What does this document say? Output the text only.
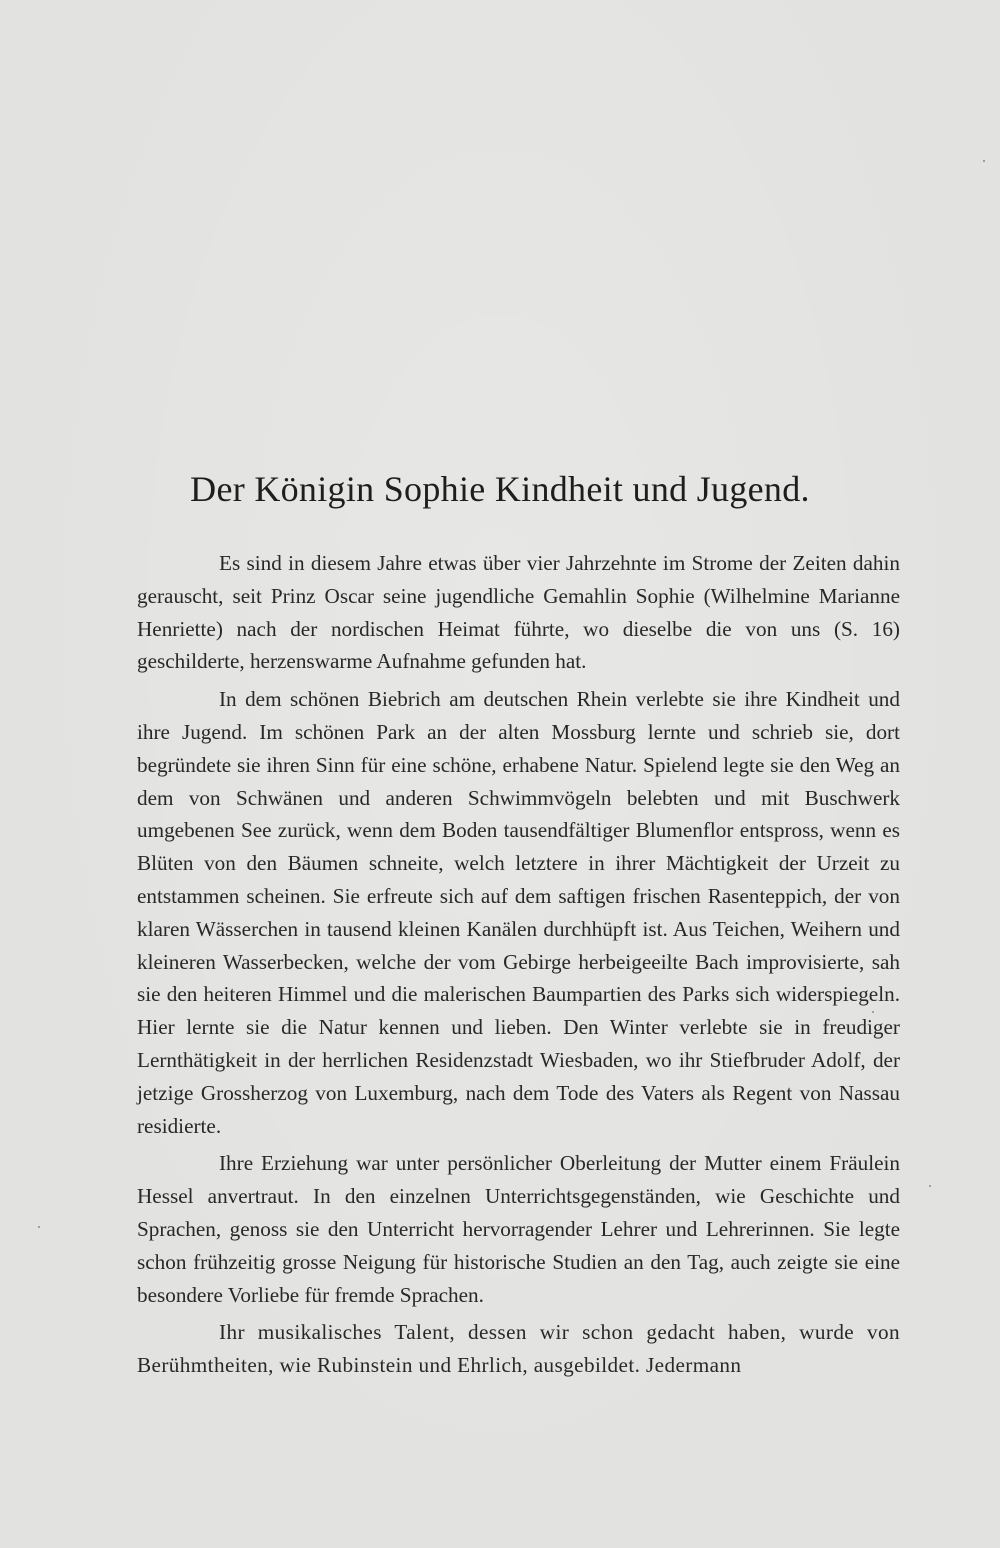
Der Königin Sophie Kindheit und Jugend.

Es sind in diesem Jahre etwas über vier Jahrzehnte im Strome der Zeiten dahin gerauscht, seit Prinz Oscar seine jugendliche Gemahlin Sophie (Wilhelmine Marianne Henriette) nach der nordischen Heimat führte, wo dieselbe die von uns (S. 16) geschilderte, herzenswarme Aufnahme gefunden hat.

In dem schönen Biebrich am deutschen Rhein verlebte sie ihre Kindheit und ihre Jugend. Im schönen Park an der alten Mossburg lernte und schrieb sie, dort begründete sie ihren Sinn für eine schöne, erhabene Natur. Spielend legte sie den Weg an dem von Schwänen und anderen Schwimmvögeln belebten und mit Buschwerk umgebenen See zurück, wenn dem Boden tausendfältiger Blumenflor entspross, wenn es Blüten von den Bäumen schneite, welch letztere in ihrer Mächtigkeit der Urzeit zu entstammen scheinen. Sie erfreute sich auf dem saftigen frischen Rasenteppich, der von klaren Wässerchen in tausend kleinen Kanälen durchhüpft ist. Aus Teichen, Weihern und kleineren Wasserbecken, welche der vom Gebirge herbeigeeilte Bach improvisierte, sah sie den heiteren Himmel und die malerischen Baumpartien des Parks sich widerspiegeln. Hier lernte sie die Natur kennen und lieben. Den Winter verlebte sie in freudiger Lernthätigkeit in der herrlichen Residenzstadt Wiesbaden, wo ihr Stiefbruder Adolf, der jetzige Grossherzog von Luxemburg, nach dem Tode des Vaters als Regent von Nassau residierte.

Ihre Erziehung war unter persönlicher Oberleitung der Mutter einem Fräulein Hessel anvertraut. In den einzelnen Unterrichtsgegenständen, wie Geschichte und Sprachen, genoss sie den Unterricht hervorragender Lehrer und Lehrerinnen. Sie legte schon frühzeitig grosse Neigung für historische Studien an den Tag, auch zeigte sie eine besondere Vorliebe für fremde Sprachen.

Ihr musikalisches Talent, dessen wir schon gedacht haben, wurde von Berühmtheiten, wie Rubinstein und Ehrlich, ausgebildet. Jedermann
